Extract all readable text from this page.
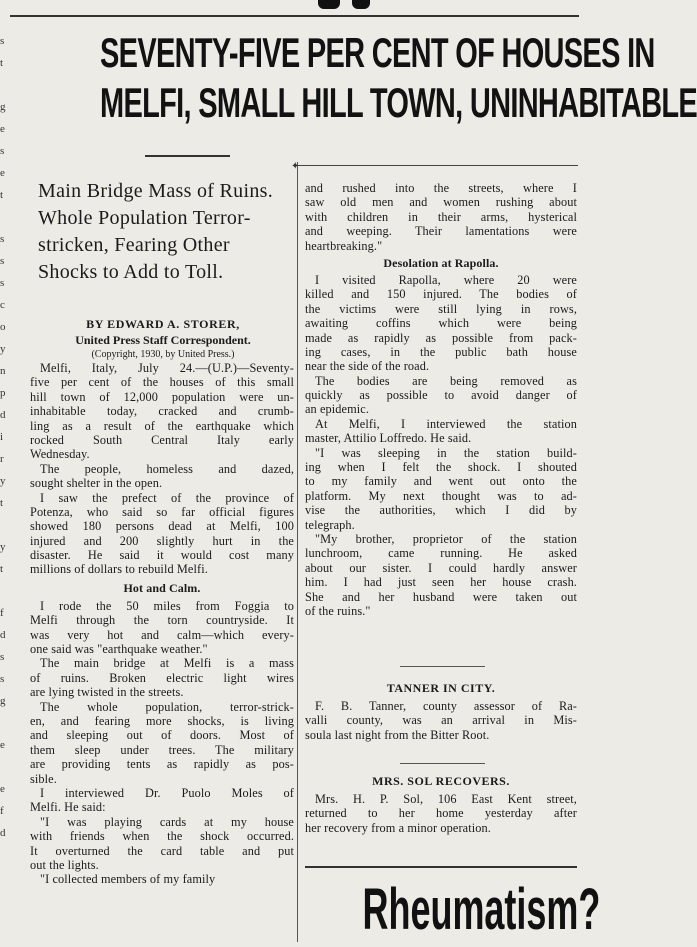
s
t
g
e
s
e
t
s
s
s
c
o
y
n
p
d
i
r
y
t
y
t
f
d
s
s
g
e
e
f
d
SEVENTY-FIVE PER CENT OF HOUSES IN
MELFI, SMALL HILL TOWN, UNINHABITABLE
✦
Main Bridge Mass of Ruins.
Whole Population Terror-
stricken, Fearing Other
Shocks to Add to Toll.
BY EDWARD A. STORER,
United Press Staff Correspondent.
(Copyright, 1930, by United Press.)
Melfi, Italy, July 24.—(U.P.)—Seventy-
five per cent of the houses of this small
hill town of 12,000 population were un-
inhabitable today, cracked and crumb-
ling as a result of the earthquake which
rocked South Central Italy early
Wednesday.
The people, homeless and dazed,
sought shelter in the open.
I saw the prefect of the province of
Potenza, who said so far official figures
showed 180 persons dead at Melfi, 100
injured and 200 slightly hurt in the
disaster. He said it would cost many
millions of dollars to rebuild Melfi.
Hot and Calm.
I rode the 50 miles from Foggia to
Melfi through the torn countryside. It
was very hot and calm—which every-
one said was "earthquake weather."
The main bridge at Melfi is a mass
of ruins. Broken electric light wires
are lying twisted in the streets.
The whole population, terror-strick-
en, and fearing more shocks, is living
and sleeping out of doors. Most of
them sleep under trees. The military
are providing tents as rapidly as pos-
sible.
I interviewed Dr. Puolo Moles of
Melfi. He said:
"I was playing cards at my house
with friends when the shock occurred.
It overturned the card table and put
out the lights.
"I collected members of my family
and rushed into the streets, where I
saw old men and women rushing about
with children in their arms, hysterical
and weeping. Their lamentations were
heartbreaking."
Desolation at Rapolla.
I visited Rapolla, where 20 were
killed and 150 injured. The bodies of
the victims were still lying in rows,
awaiting coffins which were being
made as rapidly as possible from pack-
ing cases, in the public bath house
near the side of the road.
The bodies are being removed as
quickly as possible to avoid danger of
an epidemic.
At Melfi, I interviewed the station
master, Attilio Loffredo. He said.
"I was sleeping in the station build-
ing when I felt the shock. I shouted
to my family and went out onto the
platform. My next thought was to ad-
vise the authorities, which I did by
telegraph.
"My brother, proprietor of the station
lunchroom, came running. He asked
about our sister. I could hardly answer
him. I had just seen her house crash.
She and her husband were taken out
of the ruins."
TANNER IN CITY.
F. B. Tanner, county assessor of Ra-
valli county, was an arrival in Mis-
soula last night from the Bitter Root.
MRS. SOL RECOVERS.
Mrs. H. P. Sol, 106 East Kent street,
returned to her home yesterday after
her recovery from a minor operation.
Rheumatism?
